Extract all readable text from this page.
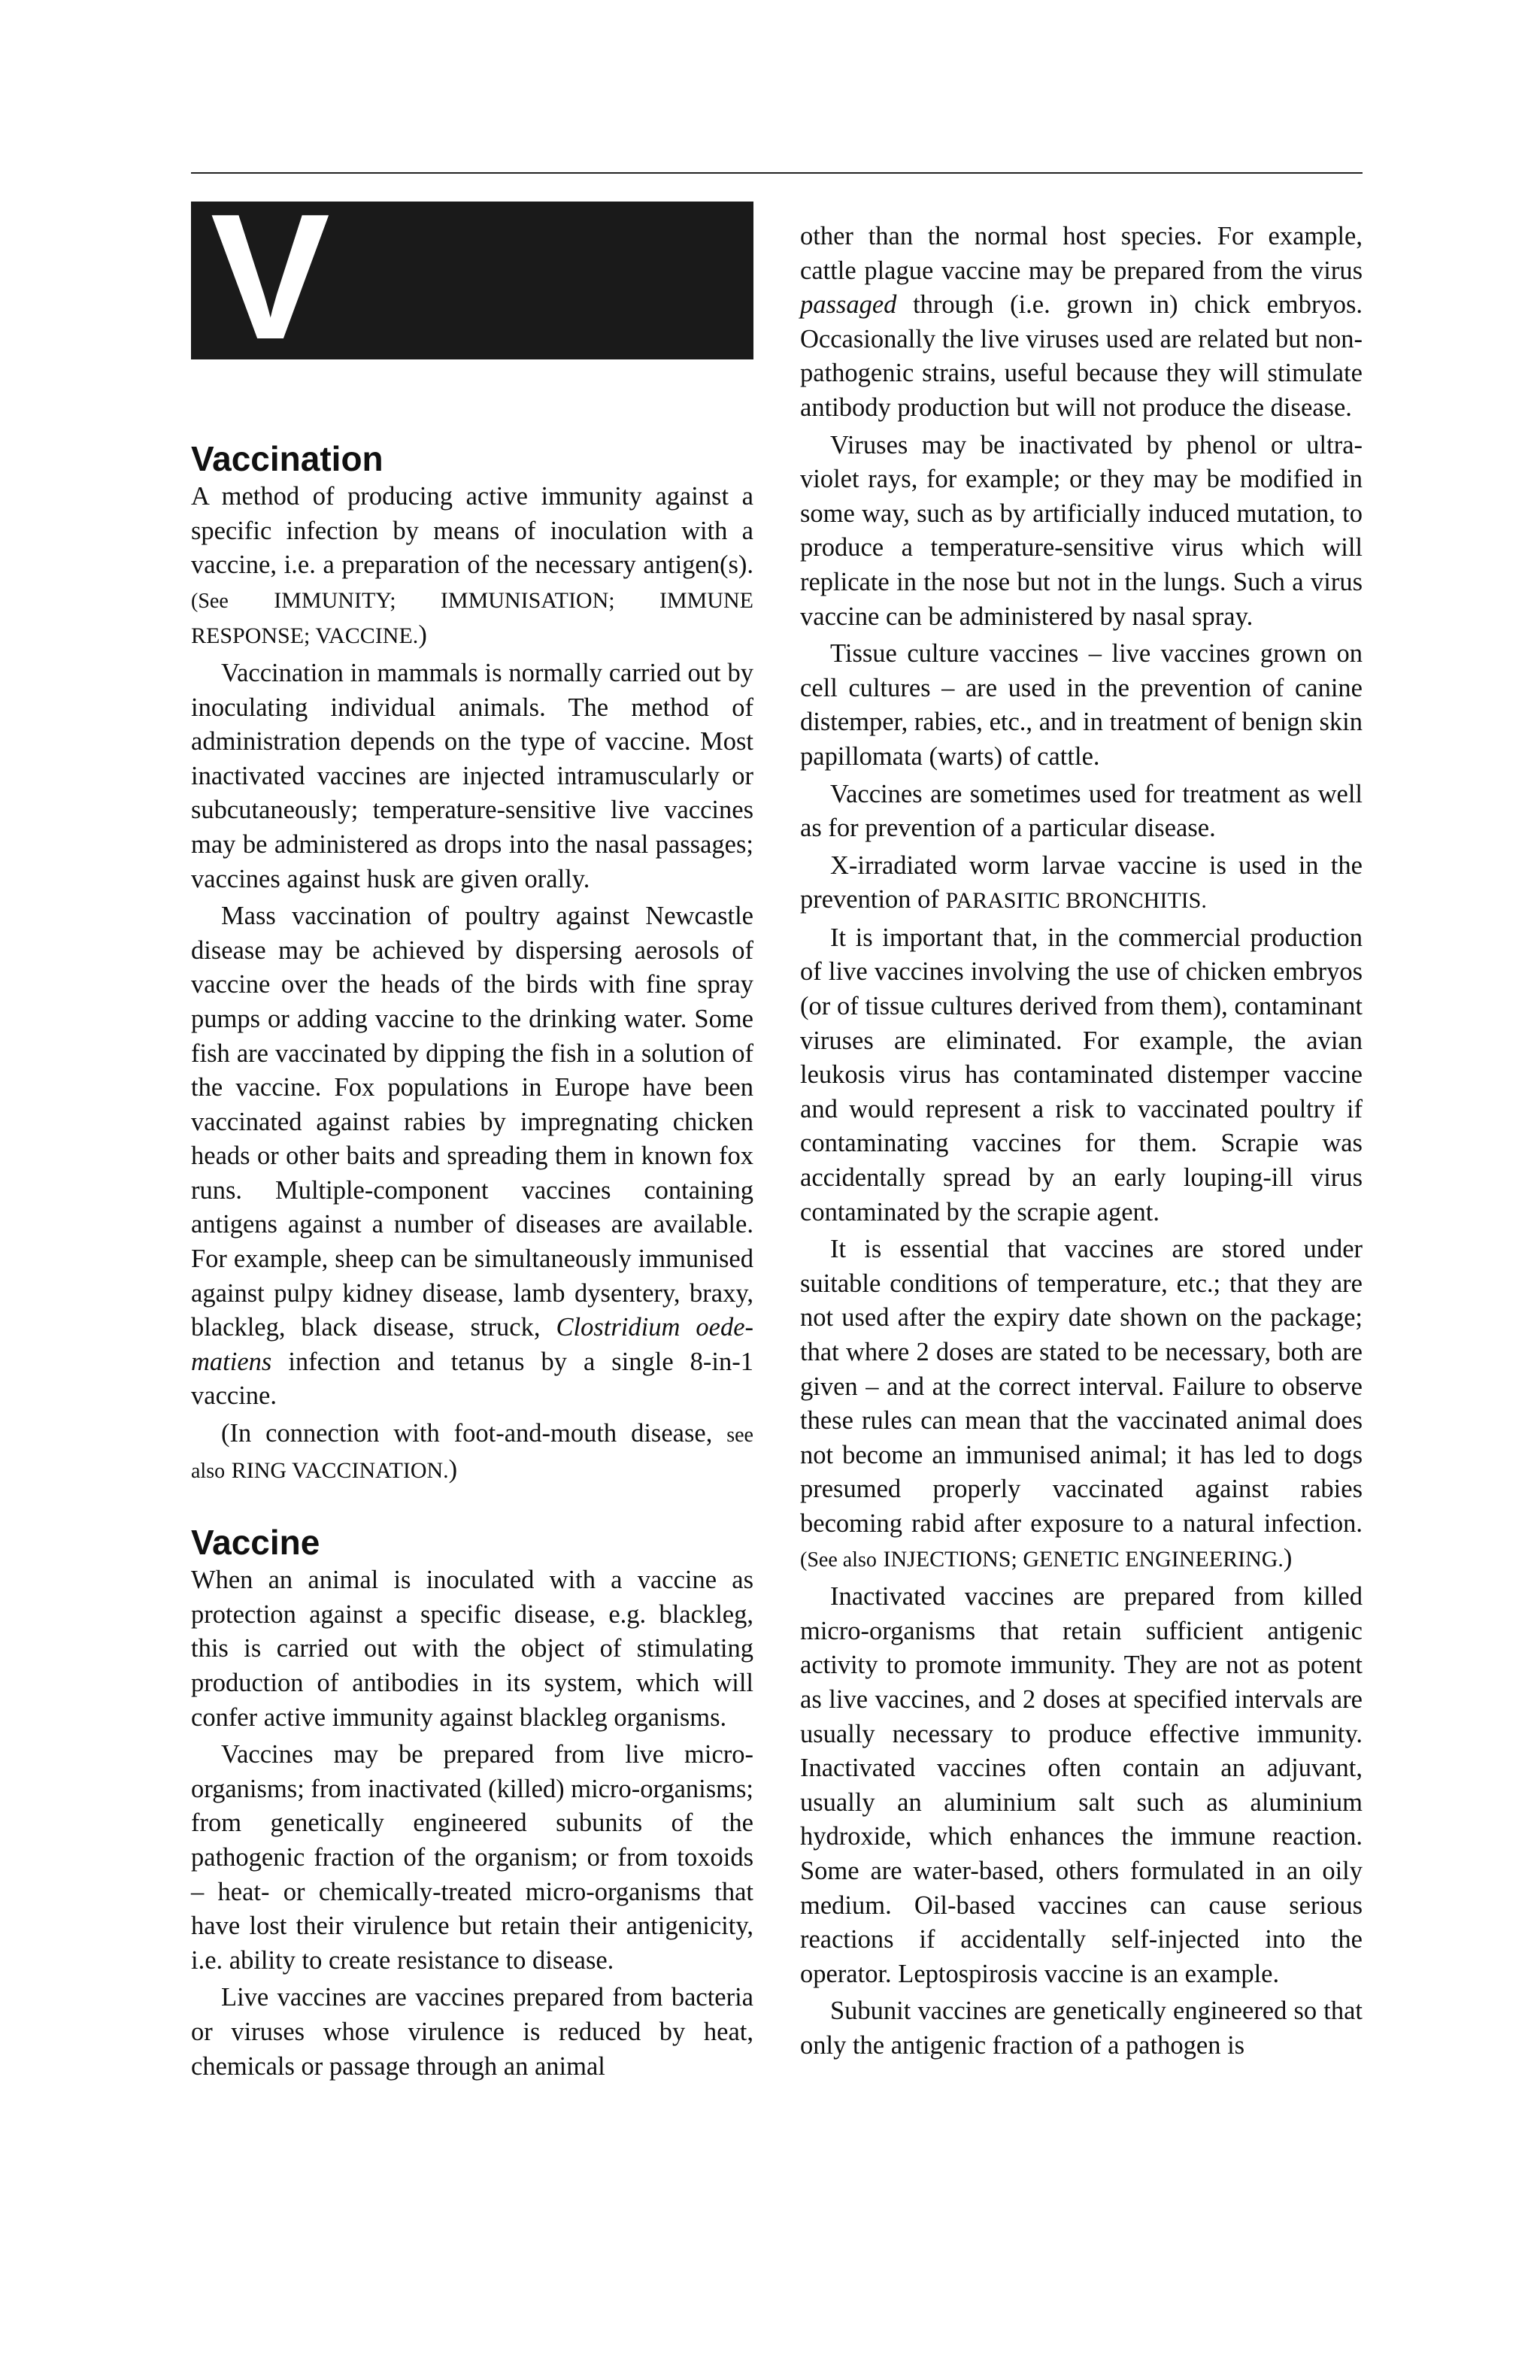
V
Vaccination

A method of producing active immunity against a specific infection by means of inoculation with a vaccine, i.e. a preparation of the necessary antigen(s). (See IMMUNITY; IMMUNISATION; IMMUNE RESPONSE; VACCINE.)

Vaccination in mammals is normally carried out by inoculating individual animals. The method of administration depends on the type of vaccine. Most inactivated vaccines are injected intramuscularly or subcutaneously; temperature-sensitive live vaccines may be administered as drops into the nasal passages; vaccines against husk are given orally.

Mass vaccination of poultry against Newcastle disease may be achieved by dispersing aerosols of vaccine over the heads of the birds with fine spray pumps or adding vaccine to the drinking water. Some fish are vaccinated by dipping the fish in a solution of the vaccine. Fox populations in Europe have been vaccinated against rabies by impregnating chicken heads or other baits and spreading them in known fox runs. Multiple-component vaccines containing antigens against a number of diseases are available. For example, sheep can be simultaneously immunised against pulpy kidney disease, lamb dysentery, braxy, blackleg, black disease, struck, Clostridium oedematiens infection and tetanus by a single 8-in-1 vaccine.

(In connection with foot-and-mouth disease, see also RING VACCINATION.)

Vaccine

When an animal is inoculated with a vaccine as protection against a specific disease, e.g. blackleg, this is carried out with the object of stimulating production of antibodies in its system, which will confer active immunity against blackleg organisms.

Vaccines may be prepared from live micro-organisms; from inactivated (killed) micro-organisms; from genetically engineered subunits of the pathogenic fraction of the organism; or from toxoids – heat- or chemically-treated micro-organisms that have lost their virulence but retain their antigenicity, i.e. ability to create resistance to disease.

Live vaccines are vaccines prepared from bacteria or viruses whose virulence is reduced by heat, chemicals or passage through an animal

other than the normal host species. For example, cattle plague vaccine may be prepared from the virus passaged through (i.e. grown in) chick embryos. Occasionally the live viruses used are related but non-pathogenic strains, useful because they will stimulate antibody production but will not produce the disease.

Viruses may be inactivated by phenol or ultra-violet rays, for example; or they may be modified in some way, such as by artificially induced mutation, to produce a temperature-sensitive virus which will replicate in the nose but not in the lungs. Such a virus vaccine can be administered by nasal spray.

Tissue culture vaccines – live vaccines grown on cell cultures – are used in the prevention of canine distemper, rabies, etc., and in treatment of benign skin papillomata (warts) of cattle.

Vaccines are sometimes used for treatment as well as for prevention of a particular disease.

X-irradiated worm larvae vaccine is used in the prevention of PARASITIC BRONCHITIS.

It is important that, in the commercial production of live vaccines involving the use of chicken embryos (or of tissue cultures derived from them), contaminant viruses are eliminated. For example, the avian leukosis virus has contaminated distemper vaccine and would represent a risk to vaccinated poultry if contaminating vaccines for them. Scrapie was accidentally spread by an early louping-ill virus contaminated by the scrapie agent.

It is essential that vaccines are stored under suitable conditions of temperature, etc.; that they are not used after the expiry date shown on the package; that where 2 doses are stated to be necessary, both are given – and at the correct interval. Failure to observe these rules can mean that the vaccinated animal does not become an immunised animal; it has led to dogs presumed properly vaccinated against rabies becoming rabid after exposure to a natural infection. (See also INJECTIONS; GENETIC ENGINEERING.)

Inactivated vaccines are prepared from killed micro-organisms that retain sufficient antigenic activity to promote immunity. They are not as potent as live vaccines, and 2 doses at specified intervals are usually necessary to produce effective immunity. Inactivated vaccines often contain an adjuvant, usually an aluminium salt such as aluminium hydroxide, which enhances the immune reaction. Some are water-based, others formulated in an oily medium. Oil-based vaccines can cause serious reactions if accidentally self-injected into the operator. Leptospirosis vaccine is an example.

Subunit vaccines are genetically engineered so that only the antigenic fraction of a pathogen is
